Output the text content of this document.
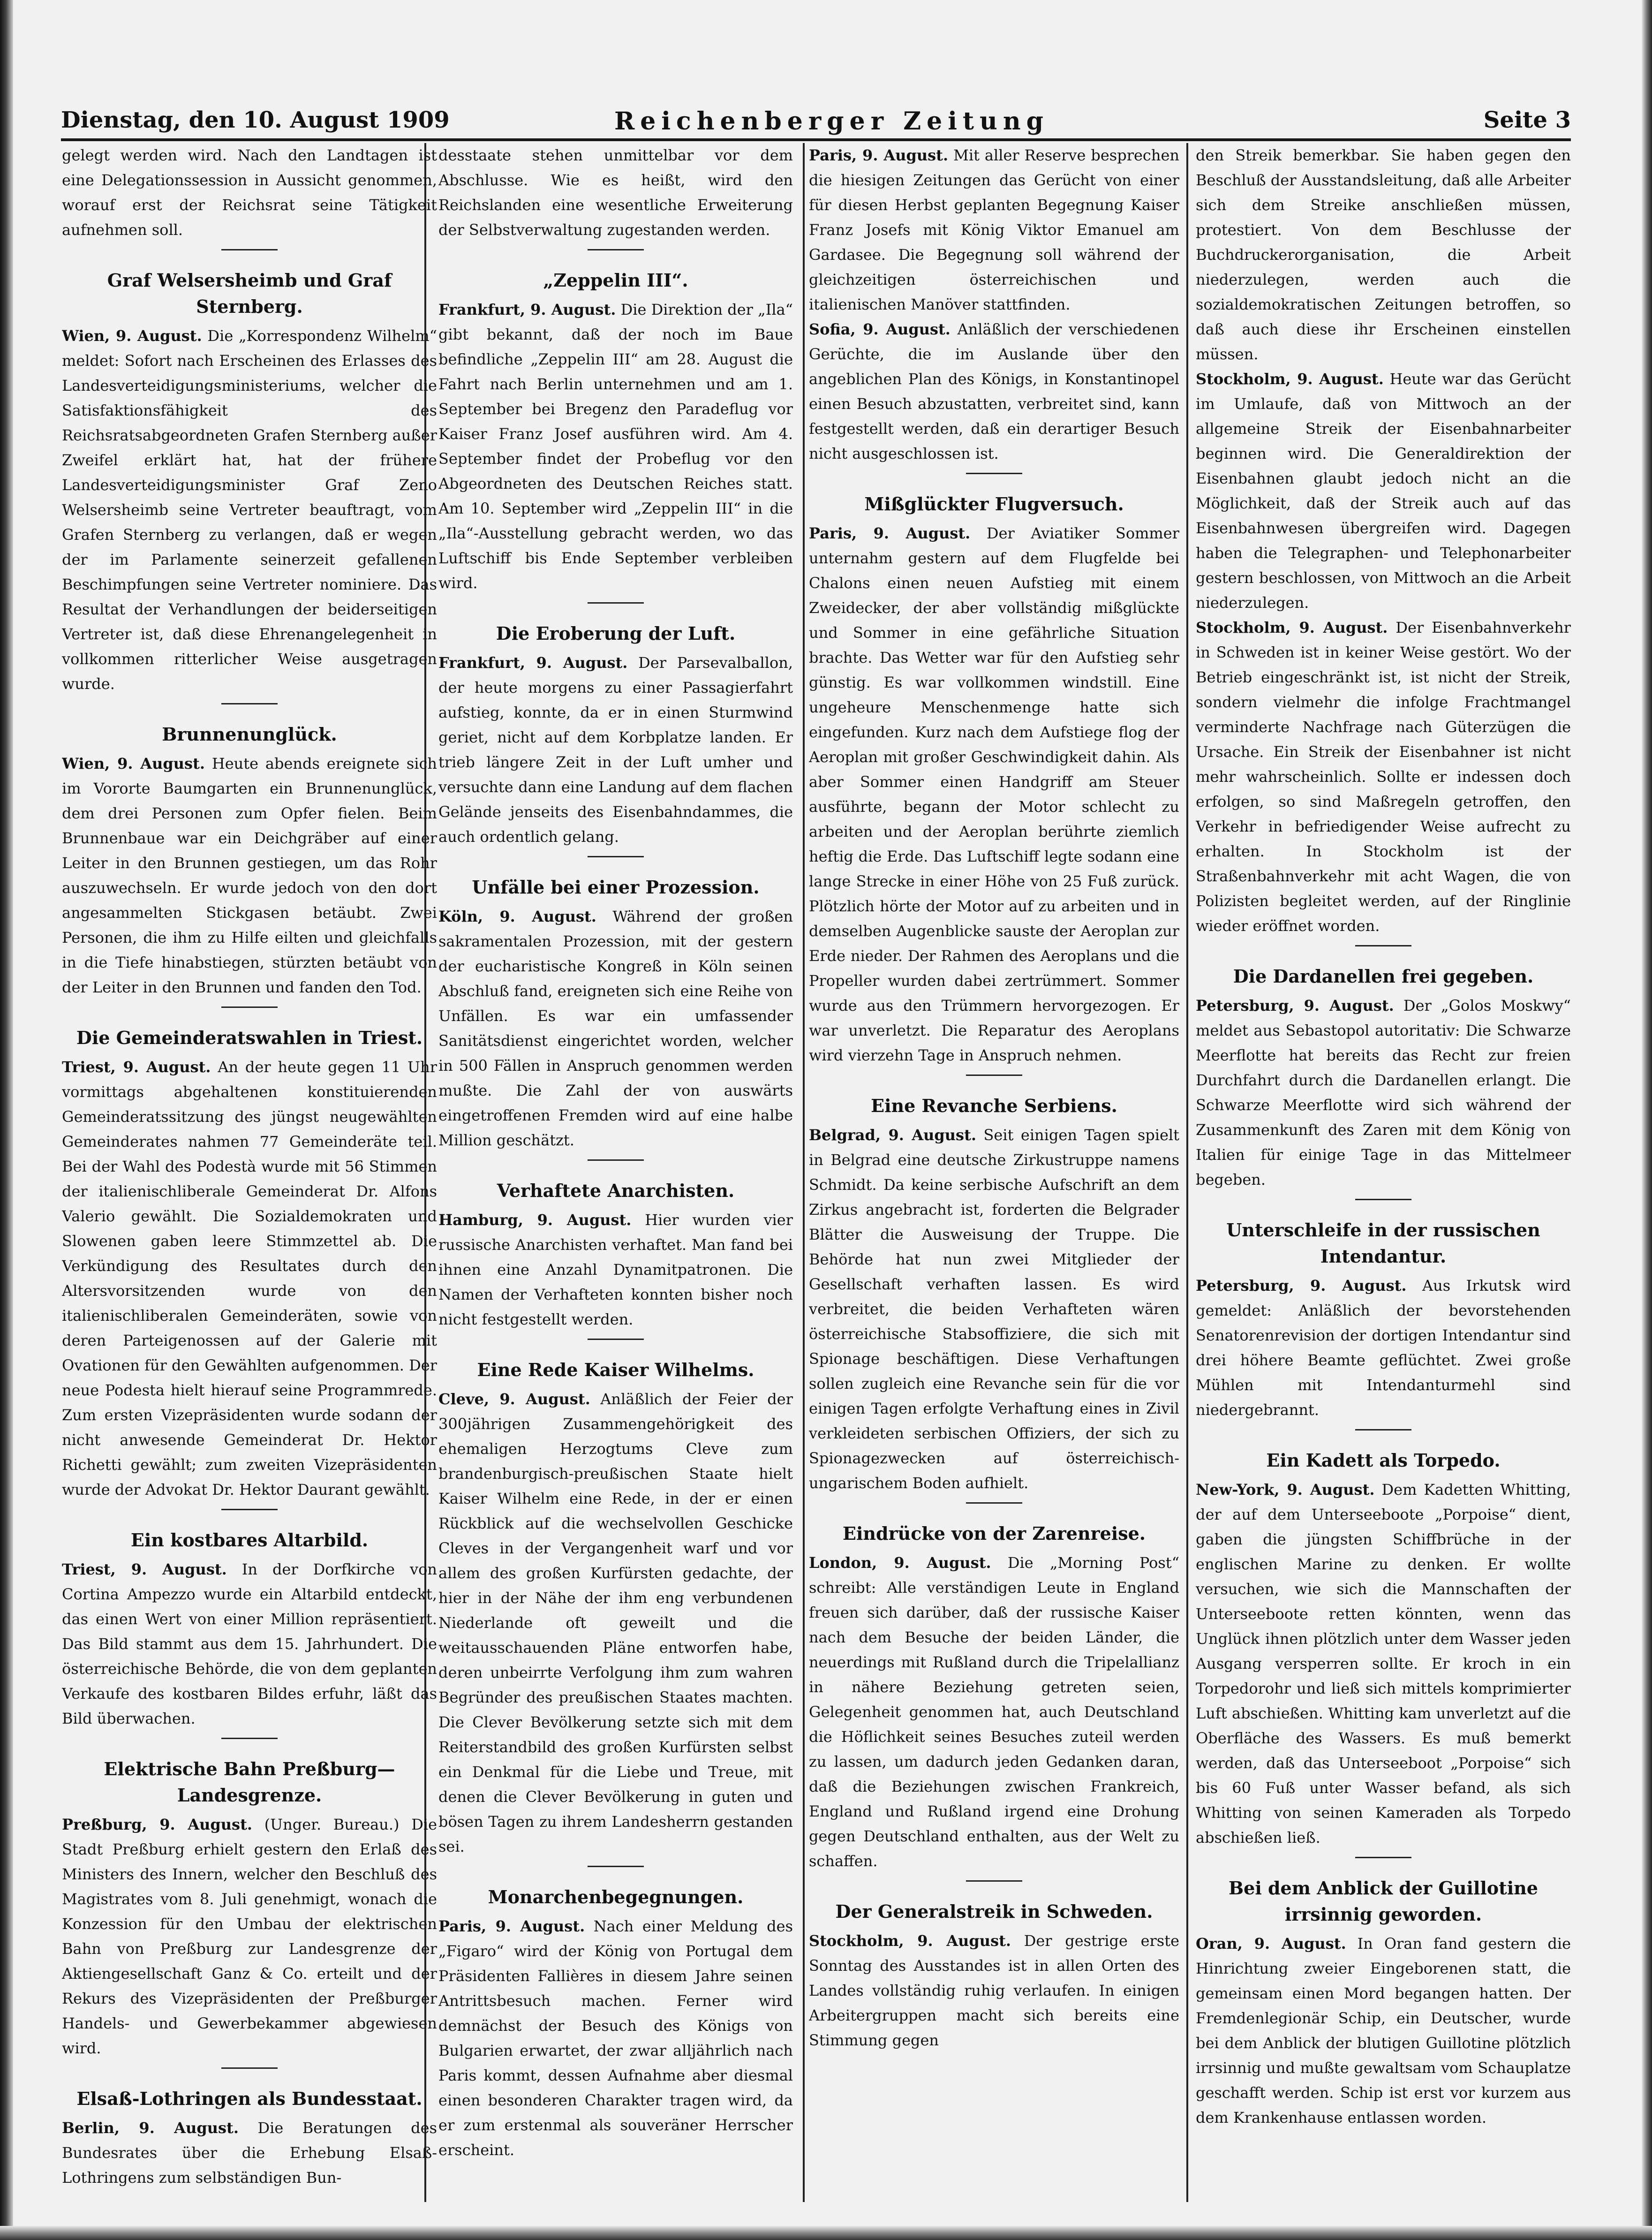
Dienstag, den 10. August 1909	Reichenberger Zeitung	Seite 3

gelegt werden wird. Nach den Landtagen ist eine Delegationssession in Aussicht genommen, worauf erst der Reichsrat seine Tätigkeit aufnehmen soll.

Graf Welsersheimb und Graf Sternberg.

Wien, 9. August. Die „Korrespondenz Wilhelm“ meldet: Sofort nach Erscheinen des Erlasses des Landesverteidigungsministeriums, welcher die Satisfaktionsfähigkeit des Reichsratsabgeordneten Grafen Sternberg außer Zweifel erklärt hat, hat der frühere Landesverteidigungsminister Graf Zeno Welsersheimb seine Vertreter beauftragt, vom Grafen Sternberg zu verlangen, daß er wegen der im Parlamente seinerzeit gefallenen Beschimpfungen seine Vertreter nominiere. Das Resultat der Verhandlungen der beiderseitigen Vertreter ist, daß diese Ehrenangelegenheit in vollkommen ritterlicher Weise ausgetragen wurde.

Brunnenunglück.

Wien, 9. August. Heute abends ereignete sich im Vororte Baumgarten ein Brunnenunglück, dem drei Personen zum Opfer fielen. Beim Brunnenbaue war ein Deichgräber auf einer Leiter in den Brunnen gestiegen, um das Rohr auszuwechseln. Er wurde jedoch von den dort angesammelten Stickgasen betäubt. Zwei Personen, die ihm zu Hilfe eilten und gleichfalls in die Tiefe hinabstiegen, stürzten betäubt von der Leiter in den Brunnen und fanden den Tod.

Die Gemeinderatswahlen in Triest.

Triest, 9. August. An der heute gegen 11 Uhr vormittags abgehaltenen konstituierenden Gemeinderatssitzung des jüngst neugewählten Gemeinderates nahmen 77 Gemeinderäte teil. Bei der Wahl des Podestà wurde mit 56 Stimmen der italienischliberale Gemeinderat Dr. Alfons Valerio gewählt. Die Sozialdemokraten und Slowenen gaben leere Stimmzettel ab. Die Verkündigung des Resultates durch den Altersvorsitzenden wurde von den italienischliberalen Gemeinderäten, sowie von deren Parteigenossen auf der Galerie mit Ovationen für den Gewählten aufgenommen. Der neue Podesta hielt hierauf seine Programmrede. Zum ersten Vizepräsidenten wurde sodann der nicht anwesende Gemeinderat Dr. Hektor Richetti gewählt; zum zweiten Vizepräsidenten wurde der Advokat Dr. Hektor Daurant gewählt.

Ein kostbares Altarbild.

Triest, 9. August. In der Dorfkirche von Cortina Ampezzo wurde ein Altarbild entdeckt, das einen Wert von einer Million repräsentiert. Das Bild stammt aus dem 15. Jahrhundert. Die österreichische Behörde, die von dem geplanten Verkaufe des kostbaren Bildes erfuhr, läßt das Bild überwachen.

Elektrische Bahn Preßburg—Landesgrenze.

Preßburg, 9. August. (Unger. Bureau.) Die Stadt Preßburg erhielt gestern den Erlaß des Ministers des Innern, welcher den Beschluß des Magistrates vom 8. Juli genehmigt, wonach die Konzession für den Umbau der elektrischen Bahn von Preßburg zur Landesgrenze der Aktiengesellschaft Ganz & Co. erteilt und der Rekurs des Vizepräsidenten der Preßburger Handels- und Gewerbekammer abgewiesen wird.

Elsaß-Lothringen als Bundesstaat.

Berlin, 9. August. Die Beratungen des Bundesrates über die Erhebung Elsaß-Lothringens zum selbständigen Bun-

desstaate stehen unmittelbar vor dem Abschlusse. Wie es heißt, wird den Reichslanden eine wesentliche Erweiterung der Selbstverwaltung zugestanden werden.

„Zeppelin III“.

Frankfurt, 9. August. Die Direktion der „Ila“ gibt bekannt, daß der noch im Baue befindliche „Zeppelin III“ am 28. August die Fahrt nach Berlin unternehmen und am 1. September bei Bregenz den Paradeflug vor Kaiser Franz Josef ausführen wird. Am 4. September findet der Probeflug vor den Abgeordneten des Deutschen Reiches statt. Am 10. September wird „Zeppelin III“ in die „Ila“-Ausstellung gebracht werden, wo das Luftschiff bis Ende September verbleiben wird.

Die Eroberung der Luft.

Frankfurt, 9. August. Der Parsevalballon, der heute morgens zu einer Passagierfahrt aufstieg, konnte, da er in einen Sturmwind geriet, nicht auf dem Korbplatze landen. Er trieb längere Zeit in der Luft umher und versuchte dann eine Landung auf dem flachen Gelände jenseits des Eisenbahndammes, die auch ordentlich gelang.

Unfälle bei einer Prozession.

Köln, 9. August. Während der großen sakramentalen Prozession, mit der gestern der eucharistische Kongreß in Köln seinen Abschluß fand, ereigneten sich eine Reihe von Unfällen. Es war ein umfassender Sanitätsdienst eingerichtet worden, welcher in 500 Fällen in Anspruch genommen werden mußte. Die Zahl der von auswärts eingetroffenen Fremden wird auf eine halbe Million geschätzt.

Verhaftete Anarchisten.

Hamburg, 9. August. Hier wurden vier russische Anarchisten verhaftet. Man fand bei ihnen eine Anzahl Dynamitpatronen. Die Namen der Verhafteten konnten bisher noch nicht festgestellt werden.

Eine Rede Kaiser Wilhelms.

Cleve, 9. August. Anläßlich der Feier der 300jährigen Zusammengehörigkeit des ehemaligen Herzogtums Cleve zum brandenburgisch-preußischen Staate hielt Kaiser Wilhelm eine Rede, in der er einen Rückblick auf die wechselvollen Geschicke Cleves in der Vergangenheit warf und vor allem des großen Kurfürsten gedachte, der hier in der Nähe der ihm eng verbundenen Niederlande oft geweilt und die weitausschauenden Pläne entworfen habe, deren unbeirrte Verfolgung ihm zum wahren Begründer des preußischen Staates machten. Die Clever Bevölkerung setzte sich mit dem Reiterstandbild des großen Kurfürsten selbst ein Denkmal für die Liebe und Treue, mit denen die Clever Bevölkerung in guten und bösen Tagen zu ihrem Landesherrn gestanden sei.

Monarchenbegegnungen.

Paris, 9. August. Nach einer Meldung des „Figaro“ wird der König von Portugal dem Präsidenten Fallières in diesem Jahre seinen Antrittsbesuch machen. Ferner wird demnächst der Besuch des Königs von Bulgarien erwartet, der zwar alljährlich nach Paris kommt, dessen Aufnahme aber diesmal einen besonderen Charakter tragen wird, da er zum erstenmal als souveräner Herrscher erscheint.

Paris, 9. August. Mit aller Reserve besprechen die hiesigen Zeitungen das Gerücht von einer für diesen Herbst geplanten Begegnung Kaiser Franz Josefs mit König Viktor Emanuel am Gardasee. Die Begegnung soll während der gleichzeitigen österreichischen und italienischen Manöver stattfinden.

Sofia, 9. August. Anläßlich der verschiedenen Gerüchte, die im Auslande über den angeblichen Plan des Königs, in Konstantinopel einen Besuch abzustatten, verbreitet sind, kann festgestellt werden, daß ein derartiger Besuch nicht ausgeschlossen ist.

Mißglückter Flugversuch.

Paris, 9. August. Der Aviatiker Sommer unternahm gestern auf dem Flugfelde bei Chalons einen neuen Aufstieg mit einem Zweidecker, der aber vollständig mißglückte und Sommer in eine gefährliche Situation brachte. Das Wetter war für den Aufstieg sehr günstig. Es war vollkommen windstill. Eine ungeheure Menschenmenge hatte sich eingefunden. Kurz nach dem Aufstiege flog der Aeroplan mit großer Geschwindigkeit dahin. Als aber Sommer einen Handgriff am Steuer ausführte, begann der Motor schlecht zu arbeiten und der Aeroplan berührte ziemlich heftig die Erde. Das Luftschiff legte sodann eine lange Strecke in einer Höhe von 25 Fuß zurück. Plötzlich hörte der Motor auf zu arbeiten und in demselben Augenblicke sauste der Aeroplan zur Erde nieder. Der Rahmen des Aeroplans und die Propeller wurden dabei zertrümmert. Sommer wurde aus den Trümmern hervorgezogen. Er war unverletzt. Die Reparatur des Aeroplans wird vierzehn Tage in Anspruch nehmen.

Eine Revanche Serbiens.

Belgrad, 9. August. Seit einigen Tagen spielt in Belgrad eine deutsche Zirkustruppe namens Schmidt. Da keine serbische Aufschrift an dem Zirkus angebracht ist, forderten die Belgrader Blätter die Ausweisung der Truppe. Die Behörde hat nun zwei Mitglieder der Gesellschaft verhaften lassen. Es wird verbreitet, die beiden Verhafteten wären österreichische Stabsoffiziere, die sich mit Spionage beschäftigen. Diese Verhaftungen sollen zugleich eine Revanche sein für die vor einigen Tagen erfolgte Verhaftung eines in Zivil verkleideten serbischen Offiziers, der sich zu Spionagezwecken auf österreichisch-ungarischem Boden aufhielt.

Eindrücke von der Zarenreise.

London, 9. August. Die „Morning Post“ schreibt: Alle verständigen Leute in England freuen sich darüber, daß der russische Kaiser nach dem Besuche der beiden Länder, die neuerdings mit Rußland durch die Tripelallianz in nähere Beziehung getreten seien, Gelegenheit genommen hat, auch Deutschland die Höflichkeit seines Besuches zuteil werden zu lassen, um dadurch jeden Gedanken daran, daß die Beziehungen zwischen Frankreich, England und Rußland irgend eine Drohung gegen Deutschland enthalten, aus der Welt zu schaffen.

Der Generalstreik in Schweden.

Stockholm, 9. August. Der gestrige erste Sonntag des Ausstandes ist in allen Orten des Landes vollständig ruhig verlaufen. In einigen Arbeitergruppen macht sich bereits eine Stimmung gegen

den Streik bemerkbar. Sie haben gegen den Beschluß der Ausstandsleitung, daß alle Arbeiter sich dem Streike anschließen müssen, protestiert. Von dem Beschlusse der Buchdruckerorganisation, die Arbeit niederzulegen, werden auch die sozialdemokratischen Zeitungen betroffen, so daß auch diese ihr Erscheinen einstellen müssen.

Stockholm, 9. August. Heute war das Gerücht im Umlaufe, daß von Mittwoch an der allgemeine Streik der Eisenbahnarbeiter beginnen wird. Die Generaldirektion der Eisenbahnen glaubt jedoch nicht an die Möglichkeit, daß der Streik auch auf das Eisenbahnwesen übergreifen wird. Dagegen haben die Telegraphen- und Telephonarbeiter gestern beschlossen, von Mittwoch an die Arbeit niederzulegen.

Stockholm, 9. August. Der Eisenbahnverkehr in Schweden ist in keiner Weise gestört. Wo der Betrieb eingeschränkt ist, ist nicht der Streik, sondern vielmehr die infolge Frachtmangel verminderte Nachfrage nach Güterzügen die Ursache. Ein Streik der Eisenbahner ist nicht mehr wahrscheinlich. Sollte er indessen doch erfolgen, so sind Maßregeln getroffen, den Verkehr in befriedigender Weise aufrecht zu erhalten. In Stockholm ist der Straßenbahnverkehr mit acht Wagen, die von Polizisten begleitet werden, auf der Ringlinie wieder eröffnet worden.

Die Dardanellen frei gegeben.

Petersburg, 9. August. Der „Golos Moskwy“ meldet aus Sebastopol autoritativ: Die Schwarze Meerflotte hat bereits das Recht zur freien Durchfahrt durch die Dardanellen erlangt. Die Schwarze Meerflotte wird sich während der Zusammenkunft des Zaren mit dem König von Italien für einige Tage in das Mittelmeer begeben.

Unterschleife in der russischen Intendantur.

Petersburg, 9. August. Aus Irkutsk wird gemeldet: Anläßlich der bevorstehenden Senatorenrevision der dortigen Intendantur sind drei höhere Beamte geflüchtet. Zwei große Mühlen mit Intendanturmehl sind niedergebrannt.

Ein Kadett als Torpedo.

New-York, 9. August. Dem Kadetten Whitting, der auf dem Unterseeboote „Porpoise“ dient, gaben die jüngsten Schiffbrüche in der englischen Marine zu denken. Er wollte versuchen, wie sich die Mannschaften der Unterseeboote retten könnten, wenn das Unglück ihnen plötzlich unter dem Wasser jeden Ausgang versperren sollte. Er kroch in ein Torpedorohr und ließ sich mittels komprimierter Luft abschießen. Whitting kam unverletzt auf die Oberfläche des Wassers. Es muß bemerkt werden, daß das Unterseeboot „Porpoise“ sich bis 60 Fuß unter Wasser befand, als sich Whitting von seinen Kameraden als Torpedo abschießen ließ.

Bei dem Anblick der Guillotine irrsinnig geworden.

Oran, 9. August. In Oran fand gestern die Hinrichtung zweier Eingeborenen statt, die gemeinsam einen Mord begangen hatten. Der Fremdenlegionär Schip, ein Deutscher, wurde bei dem Anblick der blutigen Guillotine plötzlich irrsinnig und mußte gewaltsam vom Schauplatze geschafft werden. Schip ist erst vor kurzem aus dem Krankenhause entlassen worden.
